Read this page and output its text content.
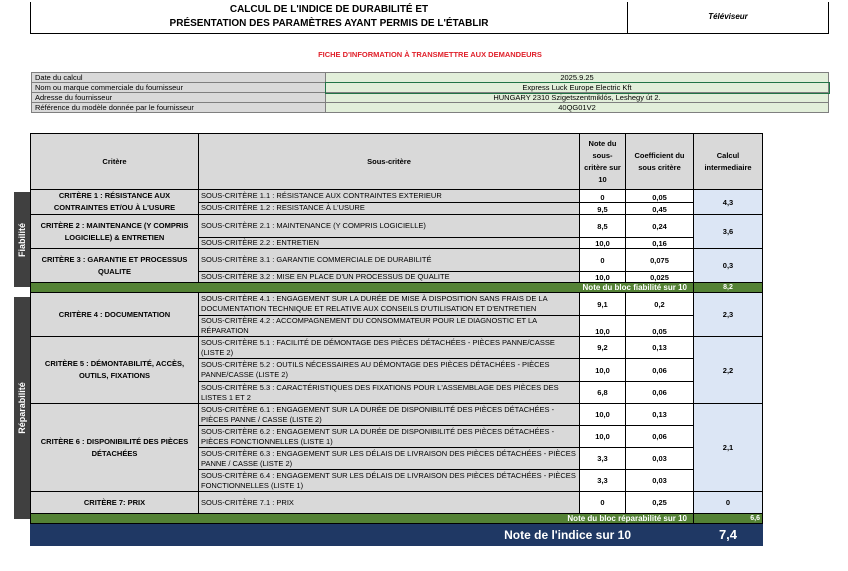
CALCUL DE L'INDICE DE DURABILITÉ ET
PRÉSENTATION DES PARAMÈTRES AYANT PERMIS DE L'ÉTABLIR
Téléviseur
FICHE D'INFORMATION À TRANSMETTRE AUX DEMANDEURS
Date du calcul	2025.9.25
Nom ou marque commerciale du fournisseur	Express Luck Europe Electric Kft
Adresse du fournisseur	HUNGARY 2310 Szigetszentmiklós, Leshegy út 2.
Référence du modèle donnée par le fournisseur	40QG01V2
Fiabilité
Réparabilité
Critère	Sous-critère	Note du sous-critère sur 10	Coefficient du sous critère	Calcul intermediaire
CRITÈRE 1 : RÉSISTANCE AUX CONTRAINTES ET/OU À L'USURE	SOUS-CRITÈRE 1.1 : RÉSISTANCE AUX CONTRAINTES EXTERIEUR	0	0,05	4,3
	SOUS-CRITÈRE 1.2 : RESISTANCE À L'USURE	9,5	0,45	
CRITÈRE 2 : MAINTENANCE (Y COMPRIS LOGICIELLE) & ENTRETIEN	SOUS-CRITÈRE 2.1 : MAINTENANCE (Y COMPRIS LOGICIELLE)	8,5	0,24	3,6
	SOUS-CRITÈRE 2.2 : ENTRETIEN	10,0	0,16	
CRITÈRE 3 : GARANTIE ET PROCESSUS QUALITE	SOUS-CRITÈRE 3.1 : GARANTIE COMMERCIALE DE DURABILITÉ	0	0,075	0,3
	SOUS-CRITÈRE 3.2 : MISE EN PLACE D'UN PROCESSUS DE QUALITE	10,0	0,025	
Note du bloc fiabilité sur 10				8,2
CRITÈRE 4 : DOCUMENTATION	SOUS-CRITÈRE 4.1 : ENGAGEMENT SUR LA DURÉE DE MISE À DISPOSITION SANS FRAIS DE LA DOCUMENTATION TECHNIQUE ET RELATIVE AUX CONSEILS D'UTILISATION ET D'ENTRETIEN	9,1	0,2	2,3
	SOUS-CRITÈRE 4.2 : ACCOMPAGNEMENT DU CONSOMMATEUR POUR LE DIAGNOSTIC ET LA RÉPARATION	10,0	0,05	
CRITÈRE 5 : DÉMONTABILITÉ, ACCÈS, OUTILS, FIXATIONS	SOUS-CRITÈRE 5.1 : FACILITÉ DE DÉMONTAGE DES PIÈCES DÉTACHÉES - PIÈCES PANNE/CASSE (LISTE 2)	9,2	0,13	2,2
	SOUS-CRITÈRE 5.2 : OUTILS NÉCESSAIRES AU DÉMONTAGE DES PIÈCES DÉTACHÉES - PIÈCES PANNE/CASSE (LISTE 2)	10,0	0,06	
	SOUS-CRITÈRE 5.3 : CARACTÉRISTIQUES DES FIXATIONS POUR L'ASSEMBLAGE DES PIÈCES DES LISTES 1 ET 2	6,8	0,06	
CRITÈRE 6 : DISPONIBILITÉ DES PIÈCES DÉTACHÉES	SOUS-CRITÈRE 6.1 : ENGAGEMENT SUR LA DURÉE DE DISPONIBILITÉ DES PIÈCES DÉTACHÉES - PIÈCES PANNE / CASSE (LISTE 2)	10,0	0,13	2,1
	SOUS-CRITÈRE 6.2 : ENGAGEMENT SUR LA DURÉE DE DISPONIBILITÉ DES PIÈCES DÉTACHÉES - PIÈCES FONCTIONNELLES (LISTE 1)	10,0	0,06	
	SOUS-CRITÈRE 6.3 : ENGAGEMENT SUR LES DÉLAIS DE LIVRAISON DES PIÈCES DÉTACHÉES - PIÈCES PANNE / CASSE (LISTE 2)	3,3	0,03	
	SOUS-CRITÈRE 6.4 : ENGAGEMENT SUR LES DÉLAIS DE LIVRAISON DES PIÈCES DÉTACHÉES - PIÈCES FONCTIONNELLES (LISTE 1)	3,3	0,03	
CRITÈRE 7: PRIX	SOUS-CRITÈRE 7.1 : PRIX	0	0,25	0
Note du bloc réparabilité sur 10				6,6
Note de l'indice sur 10				7,4
